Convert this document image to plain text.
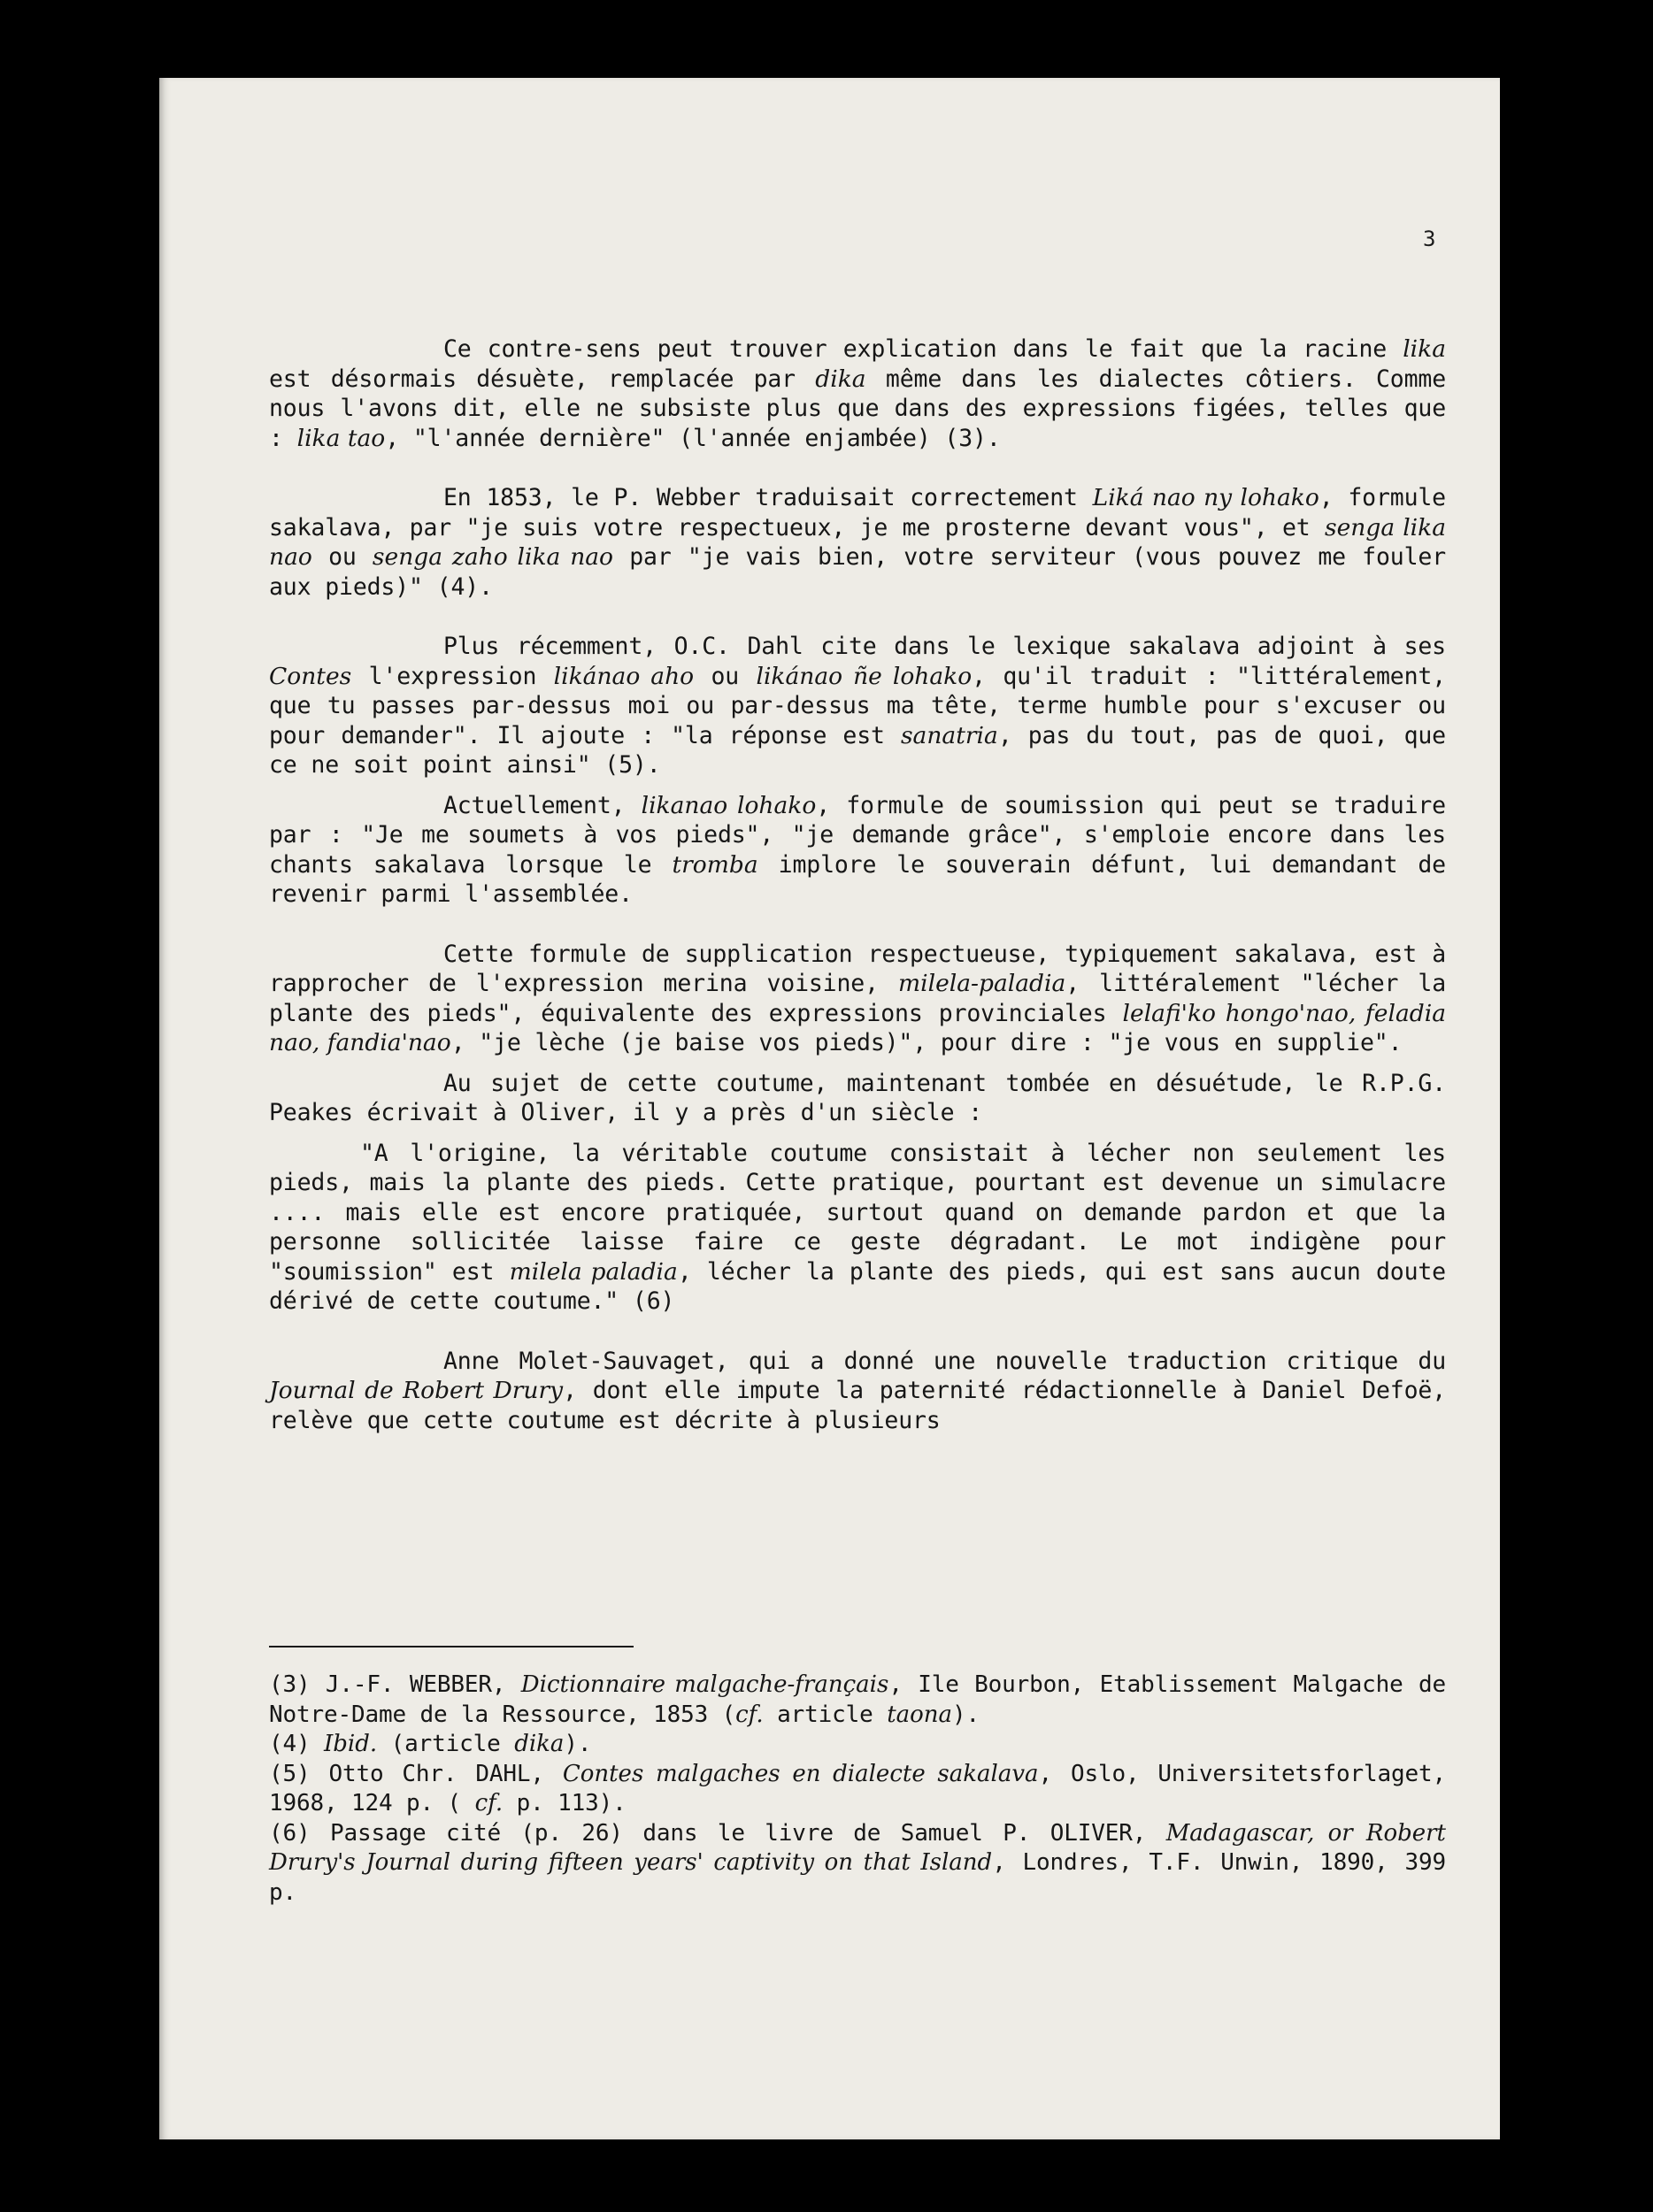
3

Ce contre-sens peut trouver explication dans le fait que la racine lika est désormais désuète, remplacée par dika même dans les dialectes côtiers. Comme nous l'avons dit, elle ne subsiste plus que dans des expressions figées, telles que : lika tao, "l'année dernière" (l'année enjambée) (3).

En 1853, le P. Webber traduisait correctement Liká nao ny lohako, formule sakalava, par "je suis votre respectueux, je me prosterne devant vous", et senga lika nao ou senga zaho lika nao par "je vais bien, votre serviteur (vous pouvez me fouler aux pieds)" (4).

Plus récemment, O.C. Dahl cite dans le lexique sakalava adjoint à ses Contes l'expression likánao aho ou likánao ñe lohako, qu'il traduit : "littéralement, que tu passes par-dessus moi ou par-dessus ma tête, terme humble pour s'excuser ou pour demander". Il ajoute : "la réponse est sanatria, pas du tout, pas de quoi, que ce ne soit point ainsi" (5).

Actuellement, likanao lohako, formule de soumission qui peut se traduire par : "Je me soumets à vos pieds", "je demande grâce", s'emploie encore dans les chants sakalava lorsque le tromba implore le souverain défunt, lui demandant de revenir parmi l'assemblée.

Cette formule de supplication respectueuse, typiquement sakalava, est à rapprocher de l'expression merina voisine, milela-paladia, littéralement "lécher la plante des pieds", équivalente des expressions provinciales lelafi'ko hongo'nao, feladia nao, fandia'nao, "je lèche (je baise vos pieds)", pour dire : "je vous en supplie".

Au sujet de cette coutume, maintenant tombée en désuétude, le R.P.G. Peakes écrivait à Oliver, il y a près d'un siècle :

"A l'origine, la véritable coutume consistait à lécher non seulement les pieds, mais la plante des pieds. Cette pratique, pourtant est devenue un simulacre .... mais elle est encore pratiquée, surtout quand on demande pardon et que la personne sollicitée laisse faire ce geste dégradant. Le mot indigène pour "soumission" est milela paladia, lécher la plante des pieds, qui est sans aucun doute dérivé de cette coutume." (6)

Anne Molet-Sauvaget, qui a donné une nouvelle traduction critique du Journal de Robert Drury, dont elle impute la paternité rédactionnelle à Daniel Defoë, relève que cette coutume est décrite à plusieurs

(3) J.-F. WEBBER, Dictionnaire malgache-français, Ile Bourbon, Etablissement Malgache de Notre-Dame de la Ressource, 1853 (cf. article taona).

(4) Ibid. (article dika).

(5) Otto Chr. DAHL, Contes malgaches en dialecte sakalava, Oslo, Universitetsforlaget, 1968, 124 p. ( cf. p. 113).

(6) Passage cité (p. 26) dans le livre de Samuel P. OLIVER, Madagascar, or Robert Drury's Journal during fifteen years' captivity on that Island, Londres, T.F. Unwin, 1890, 399 p.
